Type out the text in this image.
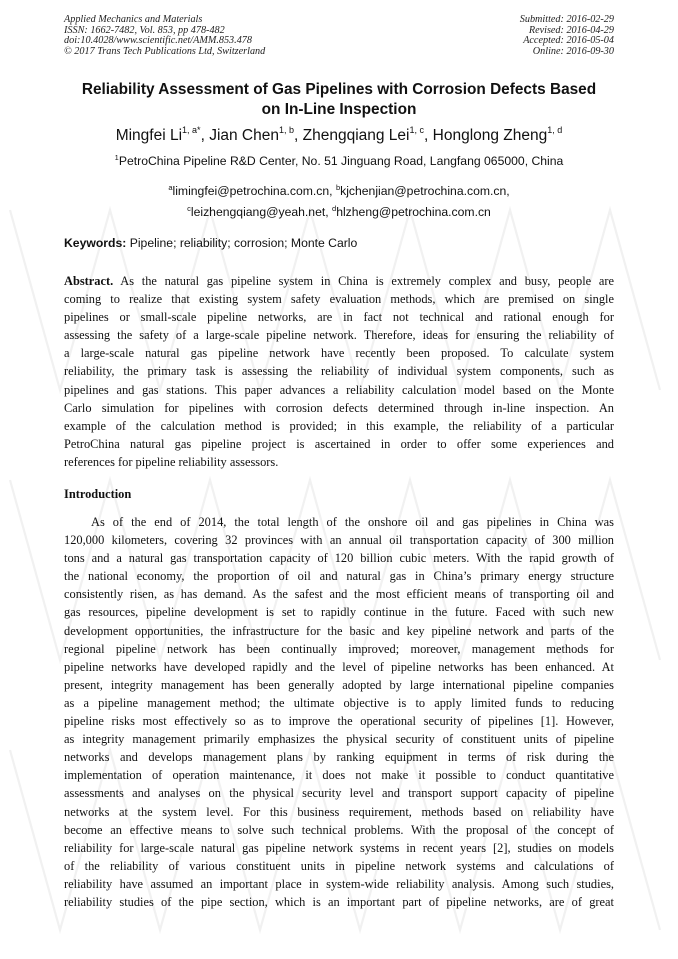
Applied Mechanics and Materials
ISSN: 1662-7482, Vol. 853, pp 478-482
doi:10.4028/www.scientific.net/AMM.853.478
© 2017 Trans Tech Publications Ltd, Switzerland
Submitted: 2016-02-29
Revised: 2016-04-29
Accepted: 2016-05-04
Online: 2016-09-30
Reliability Assessment of Gas Pipelines with Corrosion Defects Based
on In-Line Inspection
Mingfei $Li^{1, a*}$, Jian Chen$^{1, b}$, Zhengqiang Lei$^{1, c}$, Honglong Zheng$^{1, d}$
$^1$PetroChina Pipeline R&D Center, No. 51 Jinguang Road, Langfang 065000, China
$^a$limingfei@petrochina.com.cn, $^b$kjchenjian@petrochina.com.cn,
$^c$leizhengqiang@yeah.net, $^d$hlzheng@petrochina.com.cn
Keywords: Pipeline; reliability; corrosion; Monte Carlo
Abstract. As the natural gas pipeline system in China is extremely complex and busy, people are
coming to realize that existing system safety evaluation methods, which are premised on single
pipelines or small-scale pipeline networks, are in fact not technical and rational enough for
assessing the safety of a large-scale pipeline network. Therefore, ideas for ensuring the reliability of
a large-scale natural gas pipeline network have recently been proposed. To calculate system
reliability, the primary task is assessing the reliability of individual system components, such as
pipelines and gas stations. This paper advances a reliability calculation model based on the Monte
Carlo simulation for pipelines with corrosion defects determined through in-line inspection. An
example of the calculation method is provided; in this example, the reliability of a particular
PetroChina natural gas pipeline project is ascertained in order to offer some experiences and
references for pipeline reliability assessors.
Introduction
As of the end of 2014, the total length of the onshore oil and gas pipelines in China was
120,000 kilometers, covering 32 provinces with an annual oil transportation capacity of 300 million
tons and a natural gas transportation capacity of 120 billion cubic meters. With the rapid growth of
the national economy, the proportion of oil and natural gas in China’s primary energy structure
consistently risen, as has demand. As the safest and the most efficient means of transporting oil and
gas resources, pipeline development is set to rapidly continue in the future. Faced with such new
development opportunities, the infrastructure for the basic and key pipeline network and parts of the
regional pipeline network has been continually improved; moreover, management methods for
pipeline networks have developed rapidly and the level of pipeline networks has been enhanced. At
present, integrity management has been generally adopted by large international pipeline companies
as a pipeline management method; the ultimate objective is to apply limited funds to reducing
pipeline risks most effectively so as to improve the operational security of pipelines [1]. However,
as integrity management primarily emphasizes the physical security of constituent units of pipeline
networks and develops management plans by ranking equipment in terms of risk during the
implementation of operation maintenance, it does not make it possible to conduct quantitative
assessments and analyses on the physical security level and transport support capacity of pipeline
networks at the system level. For this business requirement, methods based on reliability have
become an effective means to solve such technical problems. With the proposal of the concept of
reliability for large-scale natural gas pipeline network systems in recent years [2], studies on models
of the reliability of various constituent units in pipeline network systems and calculations of
reliability have assumed an important place in system-wide reliability analysis. Among such studies,
reliability studies of the pipe section, which is an important part of pipeline networks, are of great
